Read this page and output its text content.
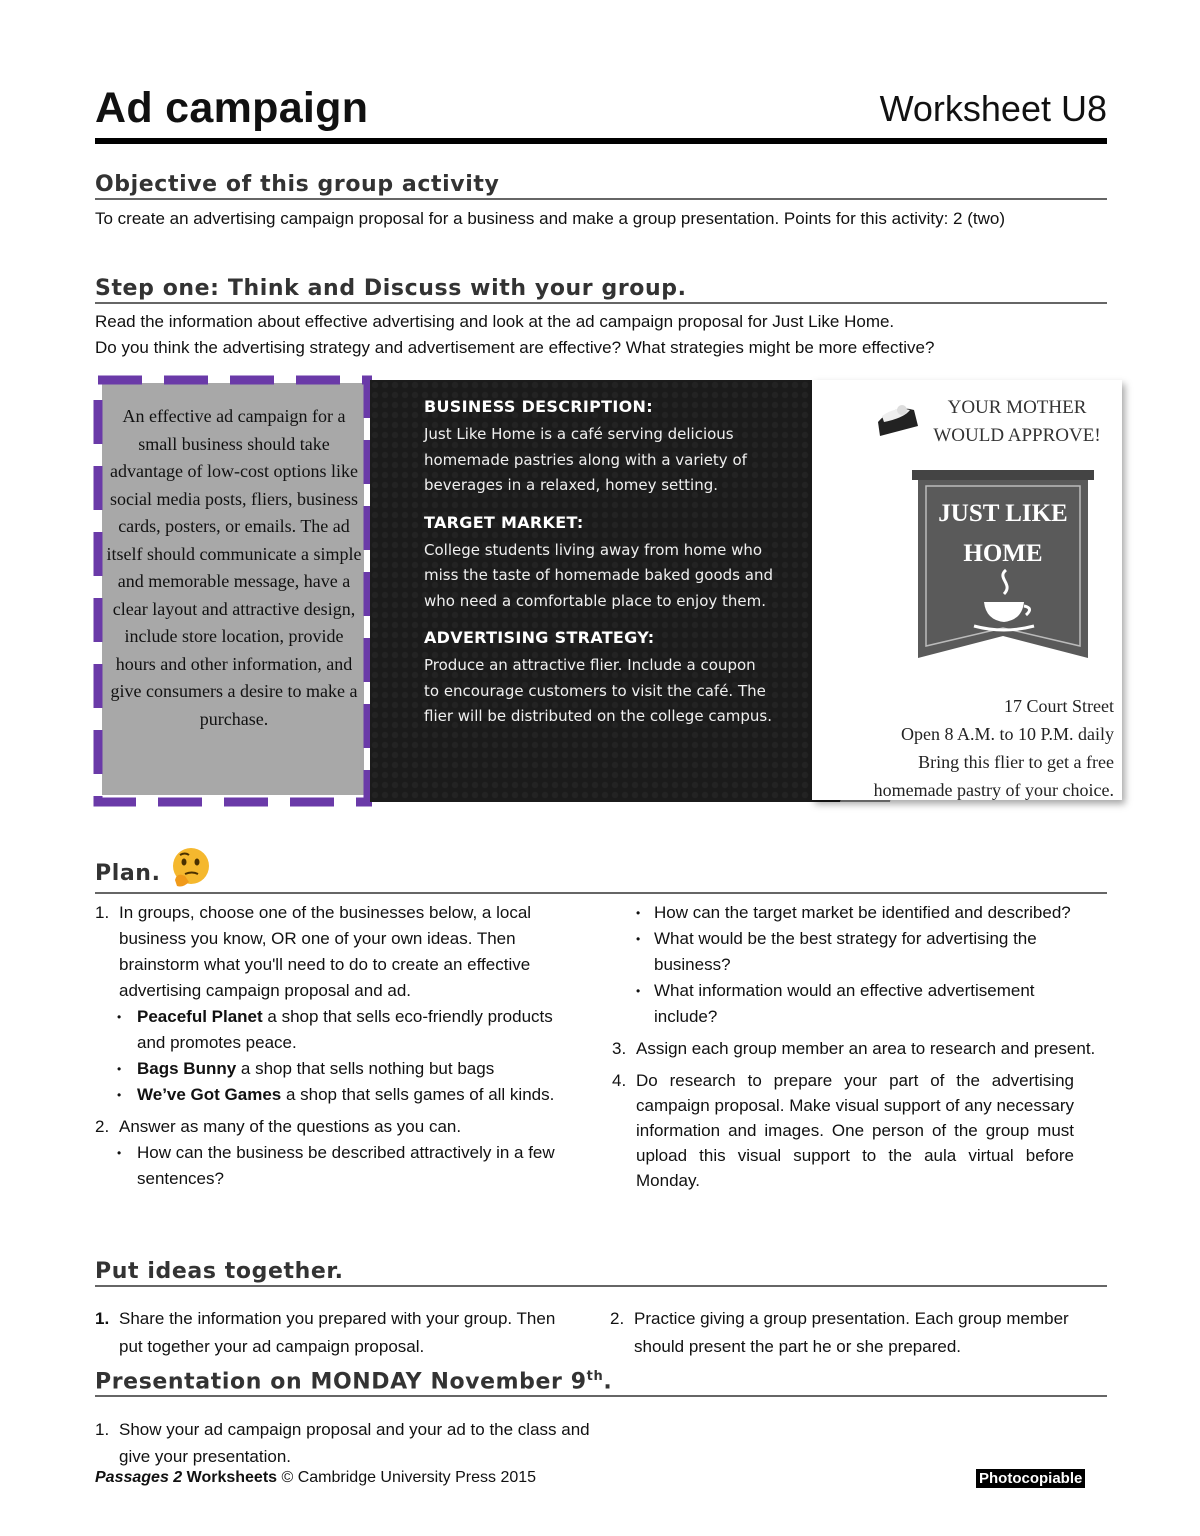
Ad campaign	Worksheet U8
Objective of this group activity
To create an advertising campaign proposal for a business and make a group presentation. Points for this activity: 2 (two)
Step one: Think and Discuss with your group.
Read the information about effective advertising and look at the ad campaign proposal for Just Like Home.
Do you think the advertising strategy and advertisement are effective? What strategies might be more effective?
An effective ad campaign for a small business should take advantage of low-cost options like social media posts, fliers, business cards, posters, or emails. The ad itself should communicate a simple and memorable message, have a clear layout and attractive design, include store location, provide hours and other information, and give consumers a desire to make a purchase.
BUSINESS DESCRIPTION:
Just Like Home is a café serving delicious homemade pastries along with a variety of beverages in a relaxed, homey setting.
TARGET MARKET:
College students living away from home who miss the taste of homemade baked goods and who need a comfortable place to enjoy them.
ADVERTISING STRATEGY:
Produce an attractive flier. Include a coupon to encourage customers to visit the café. The flier will be distributed on the college campus.
YOUR MOTHER
WOULD APPROVE!
JUST LIKE
HOME
17 Court Street
Open 8 A.M. to 10 P.M. daily
Bring this flier to get a free
homemade pastry of your choice.
Plan.
1. In groups, choose one of the businesses below, a local business you know, OR one of your own ideas. Then brainstorm what you'll need to do to create an effective advertising campaign proposal and ad.
• Peaceful Planet a shop that sells eco-friendly products and promotes peace.
• Bags Bunny a shop that sells nothing but bags
• We’ve Got Games a shop that sells games of all kinds.
2. Answer as many of the questions as you can.
• How can the business be described attractively in a few sentences?
• How can the target market be identified and described?
• What would be the best strategy for advertising the business?
• What information would an effective advertisement include?
3. Assign each group member an area to research and present.
4. Do research to prepare your part of the advertising campaign proposal. Make visual support of any necessary information and images. One person of the group must upload this visual support to the aula virtual before Monday.
Put ideas together.
1. Share the information you prepared with your group. Then put together your ad campaign proposal.
2. Practice giving a group presentation. Each group member should present the part he or she prepared.
Presentation on MONDAY November 9th.
1. Show your ad campaign proposal and your ad to the class and give your presentation.
Passages 2 Worksheets © Cambridge University Press 2015	Photocopiable
